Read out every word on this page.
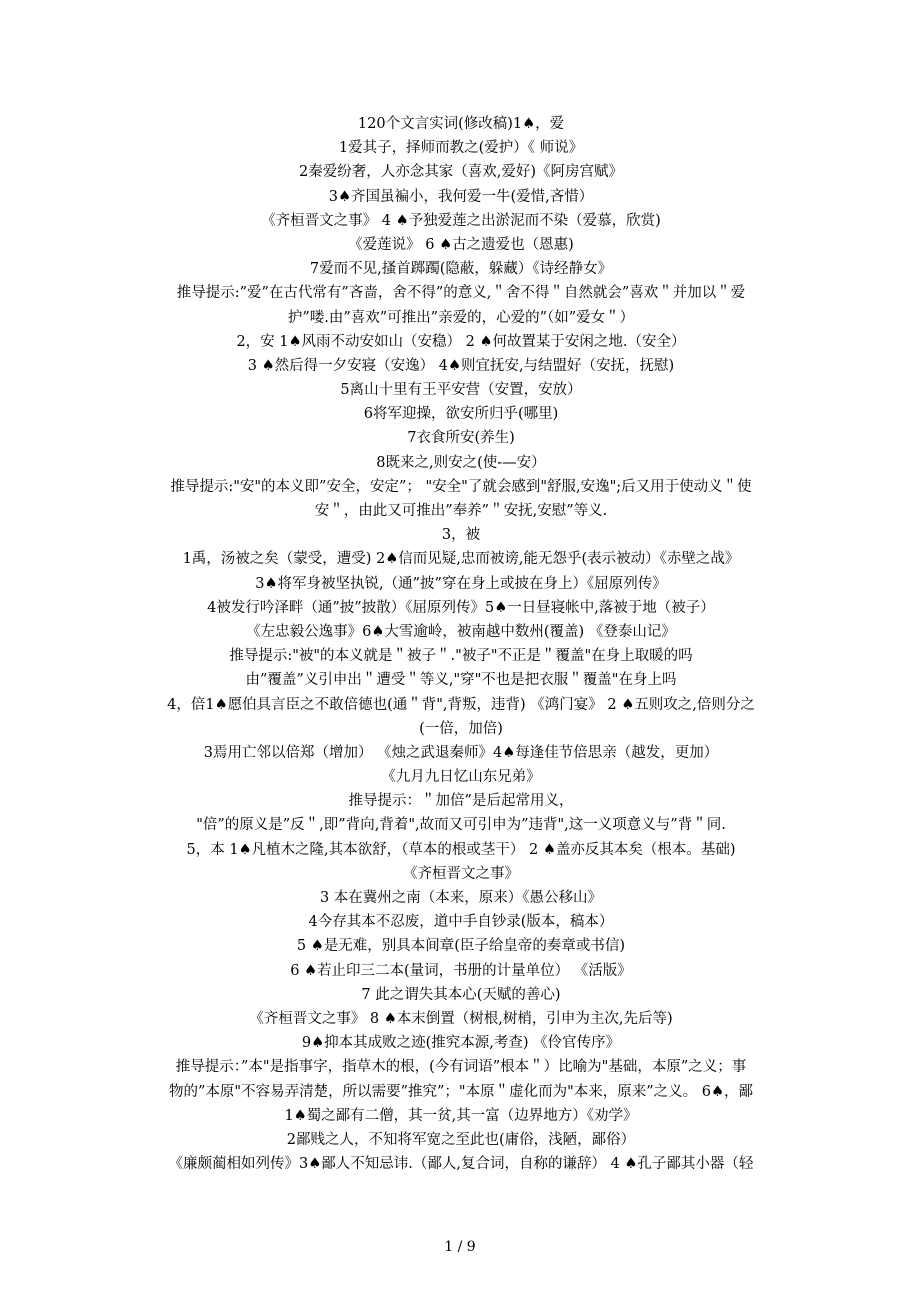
120个文言实词(修改稿)1♠，爱
1爱其子，择师而教之(爱护）《 师说》
2秦爱纷奢，人亦念其家（喜欢,爱好)《阿房宫赋》
3♠齐国虽褊小，我何爱一牛(爱惜,吝惜）
《齐桓晋文之事》 4 ♠予独爱莲之出淤泥而不染（爱慕，欣赏)
《爱莲说》 6 ♠古之遗爱也（恩惠)
7爱而不见,搔首踯躅(隐蔽，躲藏）《诗经静女》
推导提示:”爱”在古代常有”吝啬，舍不得”的意义,＂舍不得＂自然就会”喜欢＂并加以＂爱
护”喽.由”喜欢”可推出”亲爱的，心爱的”（如”爱女＂）
2，安 1♠风雨不动安如山（安稳） 2 ♠何故置某于安闲之地.（安全）
3 ♠然后得一夕安寝（安逸） 4♠则宜抚安,与结盟好（安抚，抚慰)
5离山十里有王平安营（安置，安放）
6将军迎操，欲安所归乎(哪里)
7衣食所安(养生)
8既来之,则安之(使-—安）
推导提示:"安"的本义即”安全，安定”； "安全"了就会感到"舒服,安逸";后又用于使动义＂使
安＂，由此又可推出”奉养”＂安抚,安慰”等义.
3，被
1禹，汤被之矣（蒙受，遭受) 2♠信而见疑,忠而被谤,能无怨乎(表示被动）《赤壁之战》
3♠将军身被坚执锐,（通”披”穿在身上或披在身上）《屈原列传》
4被发行吟泽畔（通”披”披散）《屈原列传》5♠一日昼寝帐中,落被于地（被子）
《左忠毅公逸事》6♠大雪逾岭，被南越中数州(覆盖) 《登泰山记》
推导提示:"被"的本义就是＂被子＂."被子"不正是＂覆盖"在身上取暖的吗
由”覆盖”义引申出＂遭受＂等义,"穿"不也是把衣服＂覆盖"在身上吗
4，倍1♠愿伯具言臣之不敢倍德也(通＂背",背叛，违背) 《鸿门宴》 2 ♠五则攻之,倍则分之
(一倍，加倍)
3焉用亡邻以倍郑（增加） 《烛之武退秦师》4♠每逢佳节倍思亲（越发，更加）
《九月九日忆山东兄弟》
推导提示：＂加倍”是后起常用义，
"倍”的原义是”反＂,即”背向,背着",故而又可引申为”违背",这一义项意义与”背＂同.
5，本 1♠凡植木之隆,其本欲舒，（草本的根或茎干） 2 ♠盖亦反其本矣（根本。基础)
《齐桓晋文之事》
3 本在冀州之南（本来，原来）《愚公移山》
4今存其本不忍废，道中手自钞录(版本，稿本）
5 ♠是无难，别具本间章(臣子给皇帝的奏章或书信)
6 ♠若止印三二本(量词，书册的计量单位） 《活版》
7 此之谓失其本心(天赋的善心)
《齐桓晋文之事》 8 ♠本末倒置（树根,树梢，引申为主次,先后等)
9♠抑本其成败之迹(推究本源,考查) 《伶官传序》
推导提示：”本"是指事字，指草木的根，(今有词语”根本＂）比喻为"基础，本原”之义；事
物的”本原"不容易弄清楚，所以需要”推究”；"本原＂虚化而为"本来，原来”之义。 6♠，鄙
1♠蜀之鄙有二僧，其一贫,其一富（边界地方）《劝学》
2鄙贱之人，不知将军宽之至此也(庸俗，浅陋，鄙俗）
《廉颇蔺相如列传》3♠鄙人不知忌讳.（鄙人,复合词，自称的谦辞） 4 ♠孔子鄙其小器（轻
1 / 9
